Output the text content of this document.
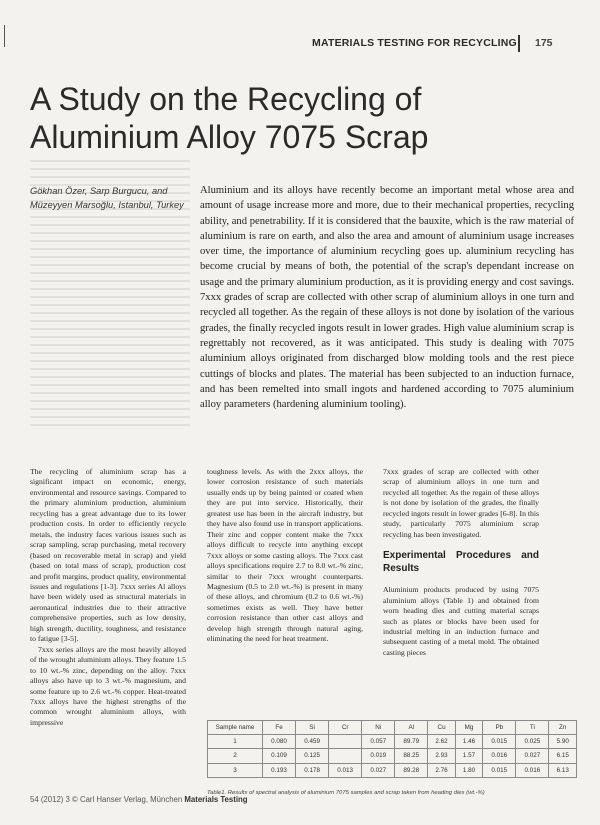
MATERIALS TESTING FOR RECYCLING 175
A Study on the Recycling of Aluminium Alloy 7075 Scrap
Gökhan Özer, Sarp Burgucu, and Müzeyyen Marsoğlu, Istanbul, Turkey

Aluminium and its alloys have recently become an important metal whose area and amount of usage increase more and more, due to their mechanical properties, recycling ability, and penetrability. If it is considered that the bauxite, which is the raw material of aluminium is rare on earth, and also the area and amount of aluminium usage increases over time, the importance of aluminium recycling goes up. aluminium recycling has become crucial by means of both, the potential of the scrap's dependant increase on usage and the primary aluminium production, as it is providing energy and cost savings. 7xxx grades of scrap are collected with other scrap of aluminium alloys in one turn and recycled all together. As the regain of these alloys is not done by isolation of the various grades, the finally recycled ingots result in lower grades. High value aluminium scrap is regrettably not recovered, as it was anticipated. This study is dealing with 7075 aluminium alloys originated from discharged blow molding tools and the rest piece cuttings of blocks and plates. The material has been subjected to an induction furnace, and has been remelted into small ingots and hardened according to 7075 aluminium alloy parameters (hardening aluminium tooling).

The recycling of aluminium scrap has a significant impact on economic, energy, environmental and resource savings. Compared to the primary aluminium production, aluminium recycling has a great advantage due to its lower production costs. In order to efficiently recycle metals, the industry faces various issues such as scrap sampling, scrap purchasing, metal recovery (based on recoverable metal in scrap) and yield (based on total mass of scrap), production cost and profit margins, product quality, environmental issues and regulations [1-3]. 7xxx series Al alloys have been widely used as structural materials in aeronautical industries due to their attractive comprehensive properties, such as low density, high strength, ductility, toughness, and resistance to fatigue [3-5].

7xxx series alloys are the most heavily alloyed of the wrought aluminium alloys. They feature 1.5 to 10 wt.-% zinc, depending on the alloy. 7xxx alloys also have up to 3 wt.-% magnesium, and some feature up to 2.6 wt.-% copper. Heat-treated 7xxx alloys have the highest strengths of the common wrought aluminium alloys, with impressive

toughness levels. As with the 2xxx alloys, the lower corrosion resistance of such materials usually ends up by being painted or coated when they are put into service. Historically, their greatest use has been in the aircraft industry, but they have also found use in transport applications. Their zinc and copper content make the 7xxx alloys difficult to recycle into anything except 7xxx alloys or some casting alloys. The 7xxx cast alloys specifications require 2.7 to 8.0 wt.-% zinc, similar to their 7xxx wrought counterparts. Magnesium (0.5 to 2.0 wt.-%) is present in many of these alloys, and chromium (0.2 to 0.6 wt.-%) sometimes exists as well. They have better corrosion resistance than other cast alloys and develop high strength through natural aging, eliminating the need for heat treatment.

7xxx grades of scrap are collected with other scrap of aluminium alloys in one turn and recycled all together. As the regain of these alloys is not done by isolation of the grades, the finally recycled ingots result in lower grades [6-8]. In this study, particularly 7075 aluminium scrap recycling has been investigated.

Experimental Procedures and Results

Aluminium products produced by using 7075 aluminium alloys (Table 1) and obtained from worn heading dies and cutting material scraps such as plates or blocks have been used for industrial melting in an induction furnace and subsequent casting of a metal mold. The obtained casting pieces

Sample name	Fe	Si	Cr	Ni	Al	Cu	Mg	Pb	Ti	Zn
1	0.080	0.459		0.057	89.79	2.62	1.46	0.015	0.025	5.90
2	0.109	0.125		0.019	88.25	2.93	1.57	0.016	0.027	6.15
3	0.193	0.178	0.013	0.027	89.28	2.76	1.80	0.015	0.016	6.13

Table1. Results of spectral analysis of aluminium 7075 samples and scrap taken from heading dies (wt.-%)

54 (2012) 3 © Carl Hanser Verlag, München Materials Testing
